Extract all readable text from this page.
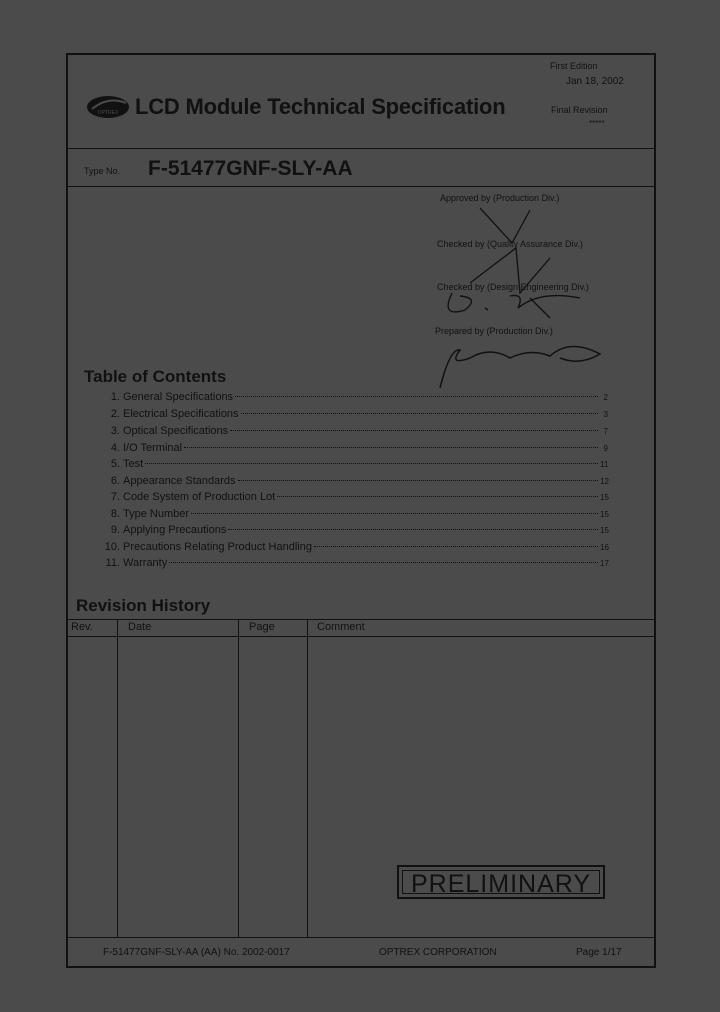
OPTREX LCD Module Technical Specification
First Edition
Jan 18, 2002
Final Revision
*****
Type No. F-51477GNF-SLY-AA
Approved by (Production Div.)
Checked by (Quality Assurance Div.)
Checked by (Design Engineering Div.)
Prepared by (Production Div.)
Table of Contents
1. General Specifications	2
2. Electrical Specifications	3
3. Optical Specifications	7
4. I/O Terminal	9
5. Test	11
6. Appearance Standards	12
7. Code System of Production Lot	15
8. Type Number	15
9. Applying Precautions	15
10. Precautions Relating Product Handling	16
11. Warranty	17
Revision History
Rev.	Date	Page	Comment
PRELIMINARY
F-51477GNF-SLY-AA (AA) No. 2002-0017	OPTREX CORPORATION	Page 1/17
